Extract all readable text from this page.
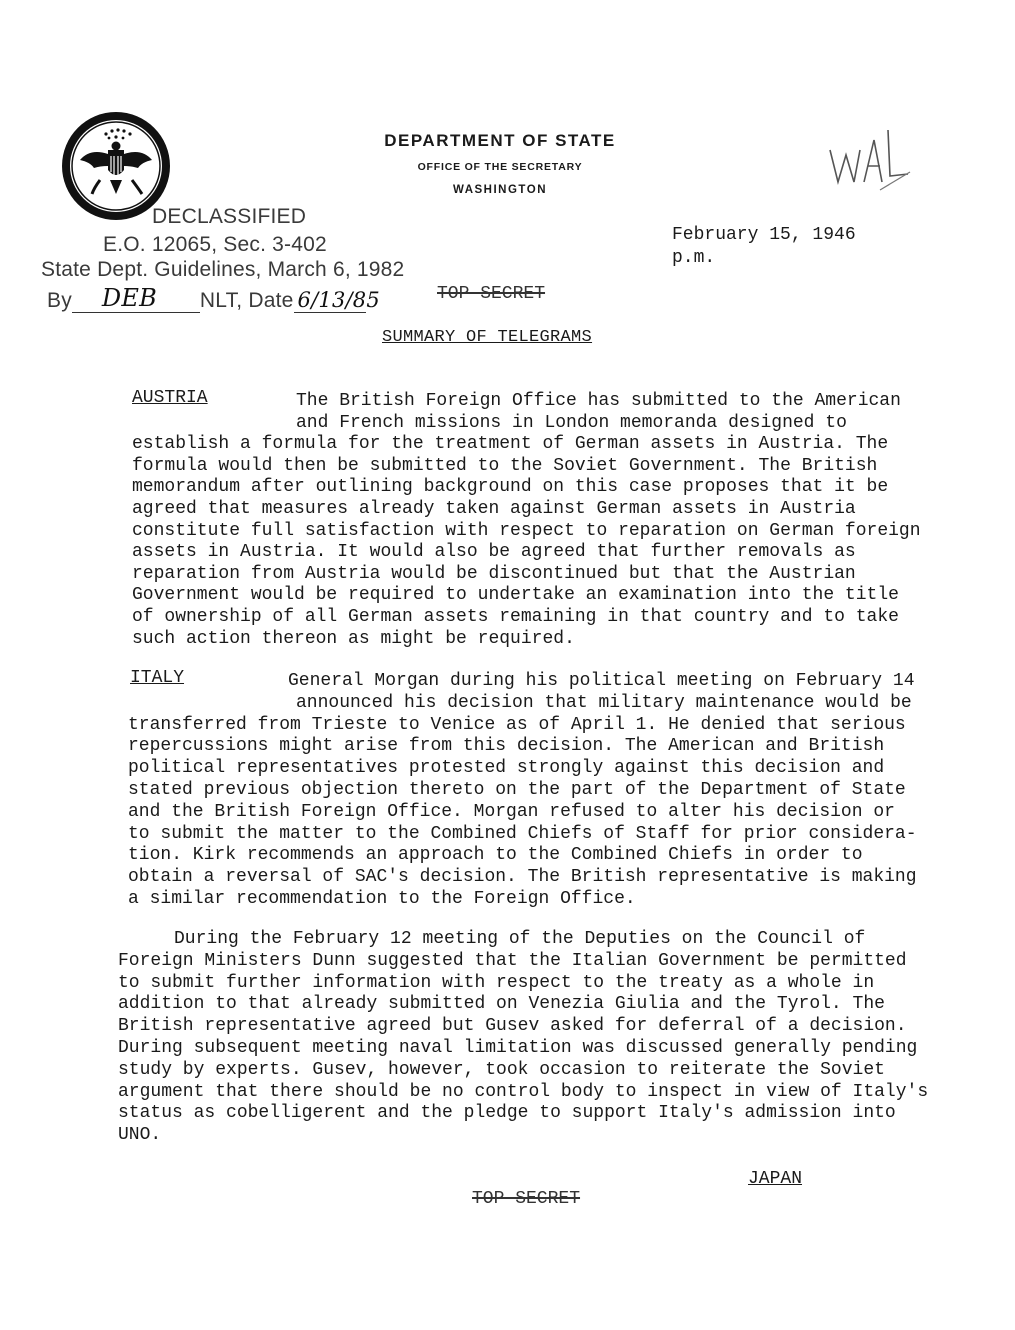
DEPARTMENT OF STATE
OFFICE OF THE SECRETARY
WASHINGTON
DECLASSIFIED
E.O. 12065, Sec. 3-402
State Dept. Guidelines, March 6, 1982
By DEB NLT, Date 6/13/85
February 15, 1946
p.m.
TOP SECRET
SUMMARY OF TELEGRAMS
AUSTRIA	The British Foreign Office has submitted to the American
and French missions in London memoranda designed to
establish a formula for the treatment of German assets in Austria. The
formula would then be submitted to the Soviet Government. The British
memorandum after outlining background on this case proposes that it be
agreed that measures already taken against German assets in Austria
constitute full satisfaction with respect to reparation on German foreign
assets in Austria. It would also be agreed that further removals as
reparation from Austria would be discontinued but that the Austrian
Government would be required to undertake an examination into the title
of ownership of all German assets remaining in that country and to take
such action thereon as might be required.
ITALY	General Morgan during his political meeting on February 14
announced his decision that military maintenance would be
transferred from Trieste to Venice as of April 1. He denied that serious
repercussions might arise from this decision. The American and British
political representatives protested strongly against this decision and
stated previous objection thereto on the part of the Department of State
and the British Foreign Office. Morgan refused to alter his decision or
to submit the matter to the Combined Chiefs of Staff for prior considera-
tion. Kirk recommends an approach to the Combined Chiefs in order to
obtain a reversal of SAC's decision. The British representative is making
a similar recommendation to the Foreign Office.
During the February 12 meeting of the Deputies on the Council of
Foreign Ministers Dunn suggested that the Italian Government be permitted
to submit further information with respect to the treaty as a whole in
addition to that already submitted on Venezia Giulia and the Tyrol. The
British representative agreed but Gusev asked for deferral of a decision.
During subsequent meeting naval limitation was discussed generally pending
study by experts. Gusev, however, took occasion to reiterate the Soviet
argument that there should be no control body to inspect in view of Italy's
status as cobelligerent and the pledge to support Italy's admission into
UNO.
JAPAN
TOP SECRET
